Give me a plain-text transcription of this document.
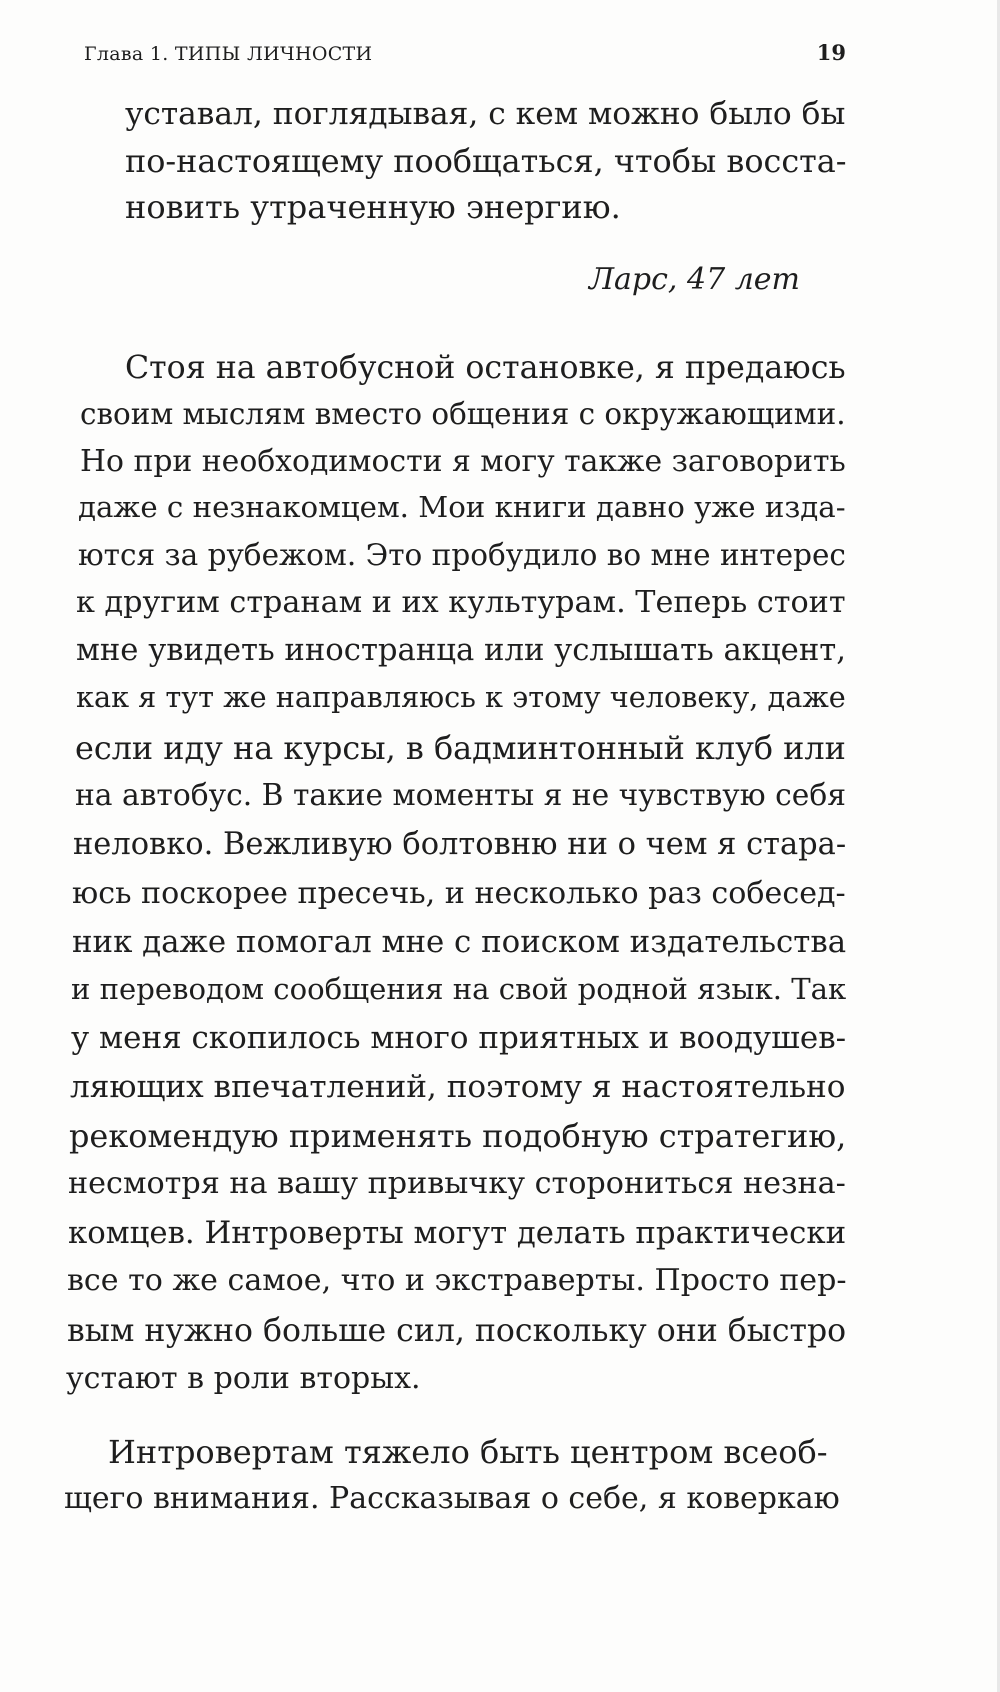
Глава 1. ТИПЫ ЛИЧНОСТИ	19
уставал, поглядывая, с кем можно было бы
по-настоящему пообщаться, чтобы восста-
новить утраченную энергию.
Ларс, 47 лет
Стоя на автобусной остановке, я предаюсь
своим мыслям вместо общения с окружающими.
Но при необходимости я могу также заговорить
даже с незнакомцем. Мои книги давно уже изда-
ются за рубежом. Это пробудило во мне интерес
к другим странам и их культурам. Теперь стоит
мне увидеть иностранца или услышать акцент,
как я тут же направляюсь к этому человеку, даже
если иду на курсы, в бадминтонный клуб или
на автобус. В такие моменты я не чувствую себя
неловко. Вежливую болтовню ни о чем я стара-
юсь поскорее пресечь, и несколько раз собесед-
ник даже помогал мне с поиском издательства
и переводом сообщения на свой родной язык. Так
у меня скопилось много приятных и воодушев-
ляющих впечатлений, поэтому я настоятельно
рекомендую применять подобную стратегию,
несмотря на вашу привычку сторониться незна-
комцев. Интроверты могут делать практически
все то же самое, что и экстраверты. Просто пер-
вым нужно больше сил, поскольку они быстро
устают в роли вторых.
Интровертам тяжело быть центром всеоб-
щего внимания. Рассказывая о себе, я коверкаю
